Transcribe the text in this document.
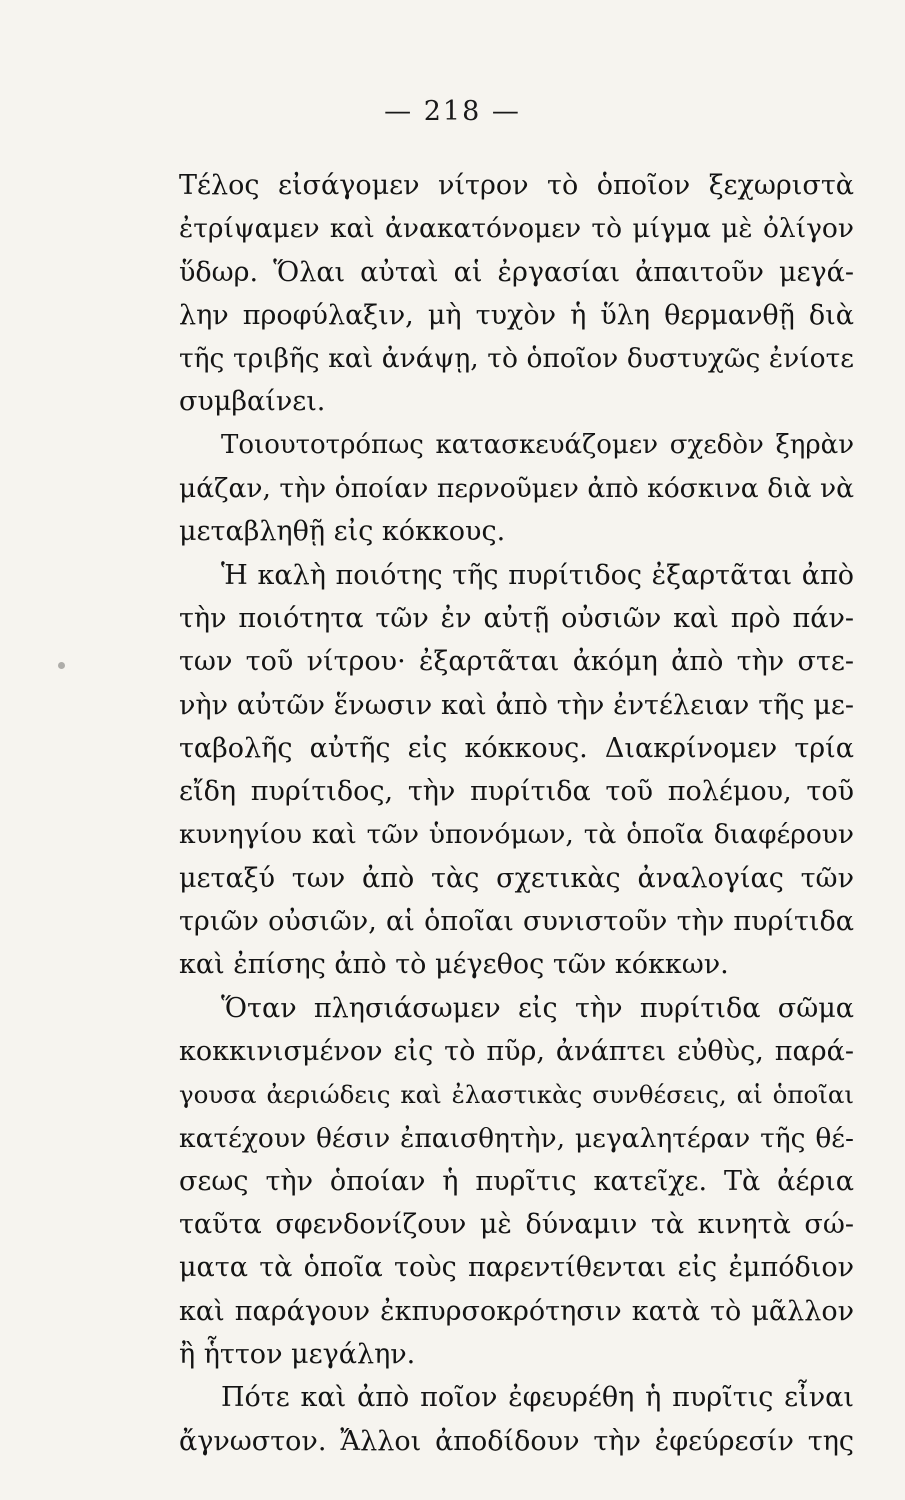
— 218 —
Τέλος εἰσάγομεν νίτρον τὸ ὁποῖον ξεχωριστὰ
ἐτρίψαμεν καὶ ἀνακατόνομεν τὸ μίγμα μὲ ὀλίγον
ὕδωρ. Ὅλαι αὐταὶ αἱ ἐργασίαι ἀπαιτοῦν μεγά-
λην προφύλαξιν, μὴ τυχὸν ἡ ὕλη θερμανθῇ διὰ
τῆς τριβῆς καὶ ἀνάψῃ, τὸ ὁποῖον δυστυχῶς ἐνίοτε
συμβαίνει.
Τοιουτοτρόπως κατασκευάζομεν σχεδὸν ξηρὰν
μάζαν, τὴν ὁποίαν περνοῦμεν ἀπὸ κόσκινα διὰ νὰ
μεταβληθῇ εἰς κόκκους.
Ἡ καλὴ ποιότης τῆς πυρίτιδος ἐξαρτᾶται ἀπὸ
τὴν ποιότητα τῶν ἐν αὐτῇ οὐσιῶν καὶ πρὸ πάν-
των τοῦ νίτρου· ἐξαρτᾶται ἀκόμη ἀπὸ τὴν στε-
νὴν αὐτῶν ἕνωσιν καὶ ἀπὸ τὴν ἐντέλειαν τῆς με-
ταβολῆς αὐτῆς εἰς κόκκους. Διακρίνομεν τρία
εἴδη πυρίτιδος, τὴν πυρίτιδα τοῦ πολέμου, τοῦ
κυνηγίου καὶ τῶν ὑπονόμων, τὰ ὁποῖα διαφέρουν
μεταξύ των ἀπὸ τὰς σχετικὰς ἀναλογίας τῶν
τριῶν οὐσιῶν, αἱ ὁποῖαι συνιστοῦν τὴν πυρίτιδα
καὶ ἐπίσης ἀπὸ τὸ μέγεθος τῶν κόκκων.
Ὅταν πλησιάσωμεν εἰς τὴν πυρίτιδα σῶμα
κοκκινισμένον εἰς τὸ πῦρ, ἀνάπτει εὐθὺς, παρά-
γουσα ἀεριώδεις καὶ ἐλαστικὰς συνθέσεις, αἱ ὁποῖαι
κατέχουν θέσιν ἐπαισθητὴν, μεγαλητέραν τῆς θέ-
σεως τὴν ὁποίαν ἡ πυρῖτις κατεῖχε. Τὰ ἀέρια
ταῦτα σφενδονίζουν μὲ δύναμιν τὰ κινητὰ σώ-
ματα τὰ ὁποῖα τοὺς παρεντίθενται εἰς ἐμπόδιον
καὶ παράγουν ἐκπυρσοκρότησιν κατὰ τὸ μᾶλλον
ἢ ἧττον μεγάλην.
Πότε καὶ ἀπὸ ποῖον ἐφευρέθη ἡ πυρῖτις εἶναι
ἄγνωστον. Ἄλλοι ἀποδίδουν τὴν ἐφεύρεσίν της
